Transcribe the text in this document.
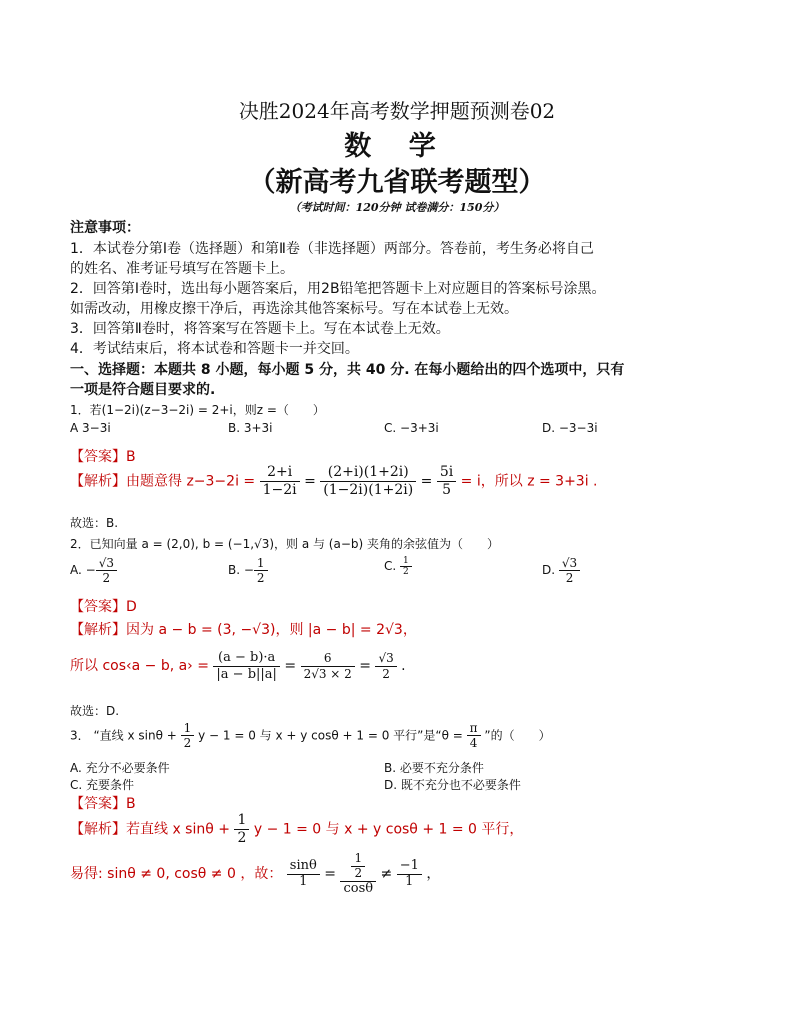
决胜2024年高考数学押题预测卷02
数 学
（新高考九省联考题型）
（考试时间：120分钟 试卷满分：150分）
注意事项：
1．本试卷分第Ⅰ卷（选择题）和第Ⅱ卷（非选择题）两部分。答卷前，考生务必将自己
的姓名、准考证号填写在答题卡上。
2．回答第Ⅰ卷时，选出每小题答案后，用2B铅笔把答题卡上对应题目的答案标号涂黑。
如需改动，用橡皮擦干净后，再选涂其他答案标号。写在本试卷上无效。
3．回答第Ⅱ卷时，将答案写在答题卡上。写在本试卷上无效。
4．考试结束后，将本试卷和答题卡一并交回。
一、选择题：本题共 8 小题，每小题 5 分，共 40 分. 在每小题给出的四个选项中，只有
一项是符合题目要求的.
1．若(1−2i)(z−3−2i) = 2+i，则z =（　　）
A 3−3i	B. 3+3i	C. −3+3i	D. −3−3i
【答案】B
【解析】由题意得 $z-3-2i = \frac{2+i}{1-2i} = \frac{(2+i)(1+2i)}{(1-2i)(1+2i)} = \frac{5i}{5} = i$，所以 z = 3+3i .
故选：B.
2．已知向量 a = (2,0), b = (−1,√3)，则 a 与 (a−b) 夹角的余弦值为（　　）
A. − $\frac{√3}{2}$	B. − $\frac{1}{2}$	C. $\frac{1}{2}$	D. $\frac{√3}{2}$
【答案】D
【解析】因为 a − b = (3, −√3)，则 |a − b| = 2√3，
所以 cos‹a − b, a› = $\frac{(a - b)\cdot a}{|a - b||a|} = \frac{6}{2√3 \times 2} = \frac{√3}{2}$ .
故选：D.
3． “直线 x $\sin\theta + \frac{1}{2}$ y − 1 = 0 与 x + y cosθ + 1 = 0 平行”是“$\theta = \frac{\pi}{4}$ ”的（　　）
A. 充分不必要条件	B. 必要不充分条件
C. 充要条件	D. 既不充分也不必要条件
【答案】B
【解析】若直线 x $\sin\theta + \frac{1}{2}$ y − 1 = 0 与 x + y cosθ + 1 = 0 平行，
易得: sinθ ≠ 0, cosθ ≠ 0 ，故： $\frac{\sin\theta}{1} = \frac{\frac{1}{2}}{\cos\theta} \ne \frac{-1}{1}$ ，
